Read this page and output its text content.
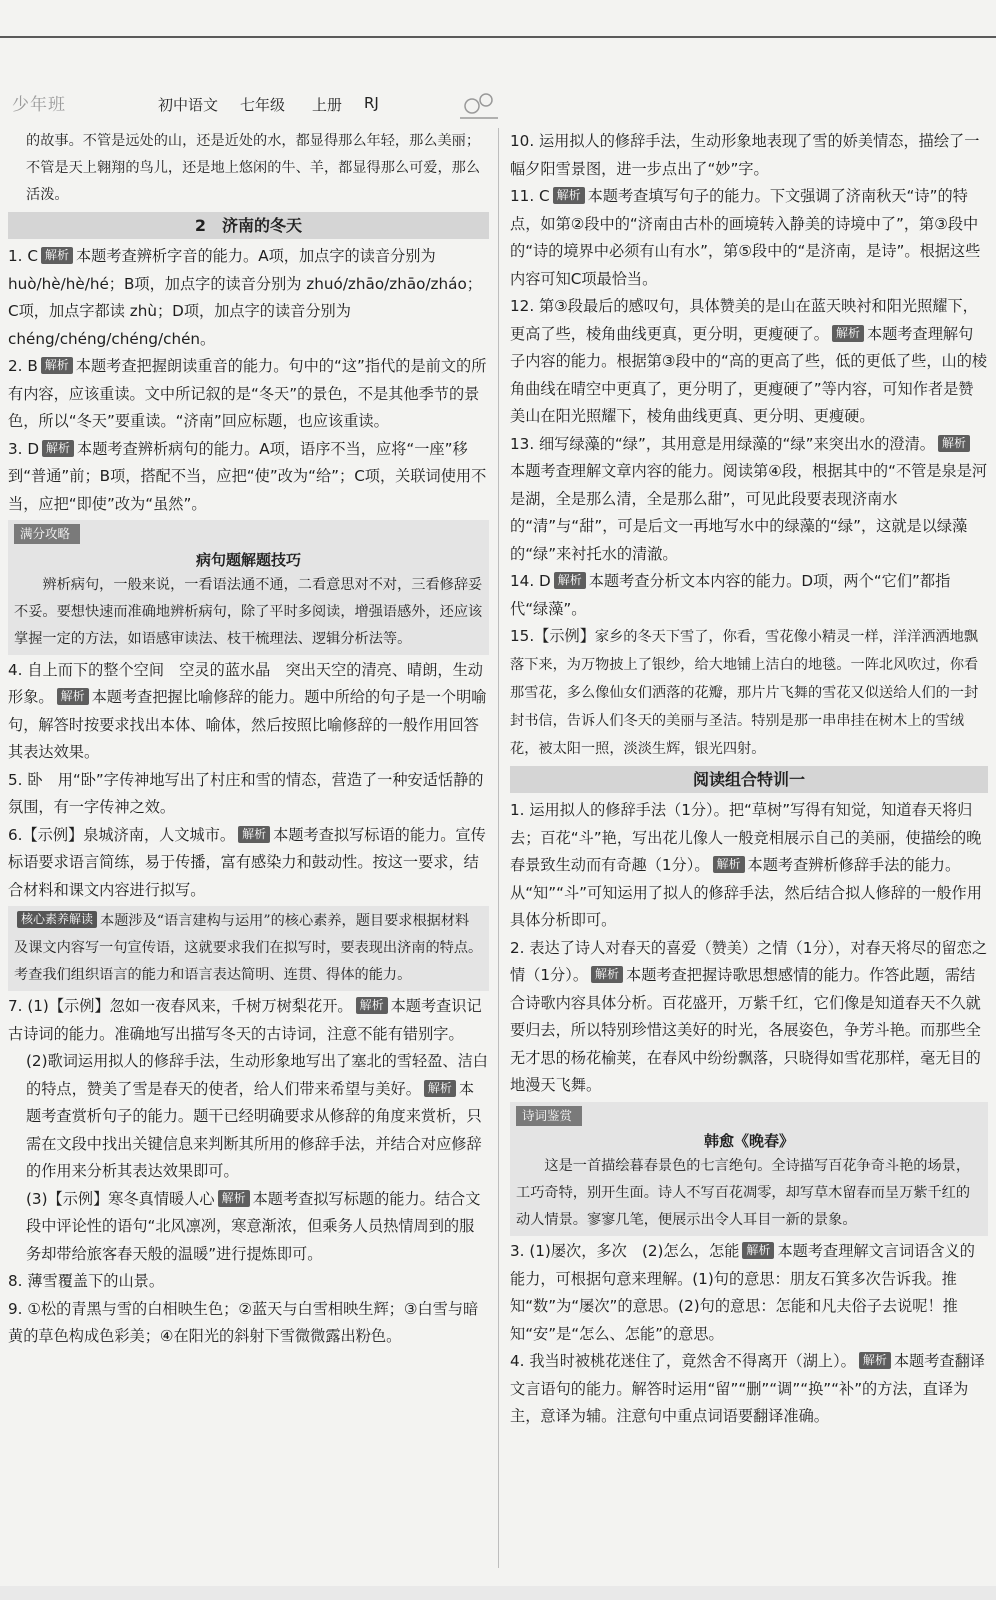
少年班	初中语文 七年级 上册 RJ

的故事。不管是远处的山，还是近处的水，都显得那么年轻，那么美丽；不管是天上翱翔的鸟儿，还是地上悠闲的牛、羊，都显得那么可爱，那么活泼。

2　济南的冬天

1. C 解析 本题考查辨析字音的能力。A项，加点字的读音分别为 huò/hè/hè/hé；B项，加点字的读音分别为 zhuó/zhāo/zhāo/zháo；C项，加点字都读 zhù；D项，加点字的读音分别为 chéng/chéng/chéng/chén。

2. B 解析 本题考查把握朗读重音的能力。句中的“这”指代的是前文的所有内容，应该重读。文中所记叙的是“冬天”的景色，不是其他季节的景色，所以“冬天”要重读。“济南”回应标题，也应该重读。

3. D 解析 本题考查辨析病句的能力。A项，语序不当，应将“一座”移到“普通”前；B项，搭配不当，应把“使”改为“给”；C项，关联词使用不当，应把“即使”改为“虽然”。

满分攻略
病句题解题技巧

辨析病句，一般来说，一看语法通不通，二看意思对不对，三看修辞妥不妥。要想快速而准确地辨析病句，除了平时多阅读，增强语感外，还应该掌握一定的方法，如语感审读法、枝干梳理法、逻辑分析法等。

4. 自上而下的整个空间　空灵的蓝水晶　突出天空的清亮、晴朗，生动形象。 解析 本题考查把握比喻修辞的能力。题中所给的句子是一个明喻句，解答时按要求找出本体、喻体，然后按照比喻修辞的一般作用回答其表达效果。

5. 卧　用“卧”字传神地写出了村庄和雪的情态，营造了一种安适恬静的氛围，有一字传神之效。

6.【示例】泉城济南，人文城市。 解析 本题考查拟写标语的能力。宣传标语要求语言简练，易于传播，富有感染力和鼓动性。按这一要求，结合材料和课文内容进行拟写。

核心素养解读 本题涉及“语言建构与运用”的核心素养，题目要求根据材料及课文内容写一句宣传语，这就要求我们在拟写时，要表现出济南的特点。考查我们组织语言的能力和语言表达简明、连贯、得体的能力。

7. (1)【示例】忽如一夜春风来，千树万树梨花开。 解析 本题考查识记古诗词的能力。准确地写出描写冬天的古诗词，注意不能有错别字。

(2)歌词运用拟人的修辞手法，生动形象地写出了塞北的雪轻盈、洁白的特点，赞美了雪是春天的使者，给人们带来希望与美好。 解析 本题考查赏析句子的能力。题干已经明确要求从修辞的角度来赏析，只需在文段中找出关键信息来判断其所用的修辞手法，并结合对应修辞的作用来分析其表达效果即可。

(3)【示例】寒冬真情暖人心 解析 本题考查拟写标题的能力。结合文段中评论性的语句“北风凛冽，寒意渐浓，但乘务人员热情周到的服务却带给旅客春天般的温暖”进行提炼即可。

8. 薄雪覆盖下的山景。

9. ①松的青黑与雪的白相映生色；②蓝天与白雪相映生辉；③白雪与暗黄的草色构成色彩美；④在阳光的斜射下雪微微露出粉色。

10. 运用拟人的修辞手法，生动形象地表现了雪的娇美情态，描绘了一幅夕阳雪景图，进一步点出了“妙”字。

11. C 解析 本题考查填写句子的能力。下文强调了济南秋天“诗”的特点，如第②段中的“济南由古朴的画境转入静美的诗境中了”，第③段中的“诗的境界中必须有山有水”，第⑤段中的“是济南，是诗”。根据这些内容可知C项最恰当。

12. 第③段最后的感叹句，具体赞美的是山在蓝天映衬和阳光照耀下，更高了些，棱角曲线更真，更分明，更瘦硬了。 解析 本题考查理解句子内容的能力。根据第③段中的“高的更高了些，低的更低了些，山的棱角曲线在晴空中更真了，更分明了，更瘦硬了”等内容，可知作者是赞美山在阳光照耀下，棱角曲线更真、更分明、更瘦硬。

13. 细写绿藻的“绿”，其用意是用绿藻的“绿”来突出水的澄清。 解析本题考查理解文章内容的能力。阅读第④段，根据其中的“不管是泉是河是湖，全是那么清，全是那么甜”，可见此段要表现济南水的“清”与“甜”，可是后文一再地写水中的绿藻的“绿”，这就是以绿藻的“绿”来衬托水的清澈。

14. D 解析 本题考查分析文本内容的能力。D项，两个“它们”都指代“绿藻”。

15.【示例】家乡的冬天下雪了，你看，雪花像小精灵一样，洋洋洒洒地飘落下来，为万物披上了银纱，给大地铺上洁白的地毯。一阵北风吹过，你看那雪花，多么像仙女们洒落的花瓣，那片片飞舞的雪花又似送给人们的一封封书信，告诉人们冬天的美丽与圣洁。特别是那一串串挂在树木上的雪绒花，被太阳一照，淡淡生辉，银光四射。

阅读组合特训一

1. 运用拟人的修辞手法（1分）。把“草树”写得有知觉，知道春天将归去；百花“斗”艳，写出花儿像人一般竞相展示自己的美丽，使描绘的晚春景致生动而有奇趣（1分）。 解析 本题考查辨析修辞手法的能力。从“知”“斗”可知运用了拟人的修辞手法，然后结合拟人修辞的一般作用具体分析即可。

2. 表达了诗人对春天的喜爱（赞美）之情（1分），对春天将尽的留恋之情（1分）。 解析 本题考查把握诗歌思想感情的能力。作答此题，需结合诗歌内容具体分析。百花盛开，万紫千红，它们像是知道春天不久就要归去，所以特别珍惜这美好的时光，各展姿色，争芳斗艳。而那些全无才思的杨花榆荚，在春风中纷纷飘落，只晓得如雪花那样，毫无目的地漫天飞舞。

诗词鉴赏
韩愈《晚春》

这是一首描绘暮春景色的七言绝句。全诗描写百花争奇斗艳的场景，工巧奇特，别开生面。诗人不写百花凋零，却写草木留春而呈万紫千红的动人情景。寥寥几笔，便展示出令人耳目一新的景象。

3. (1)屡次，多次　(2)怎么，怎能 解析 本题考查理解文言词语含义的能力，可根据句意来理解。(1)句的意思：朋友石箕多次告诉我。推知“数”为“屡次”的意思。(2)句的意思：怎能和凡夫俗子去说呢！推知“安”是“怎么、怎能”的意思。

4. 我当时被桃花迷住了，竟然舍不得离开（湖上）。 解析 本题考查翻译文言语句的能力。解答时运用“留”“删”“调”“换”“补”的方法，直译为主，意译为辅。注意句中重点词语要翻译准确。
